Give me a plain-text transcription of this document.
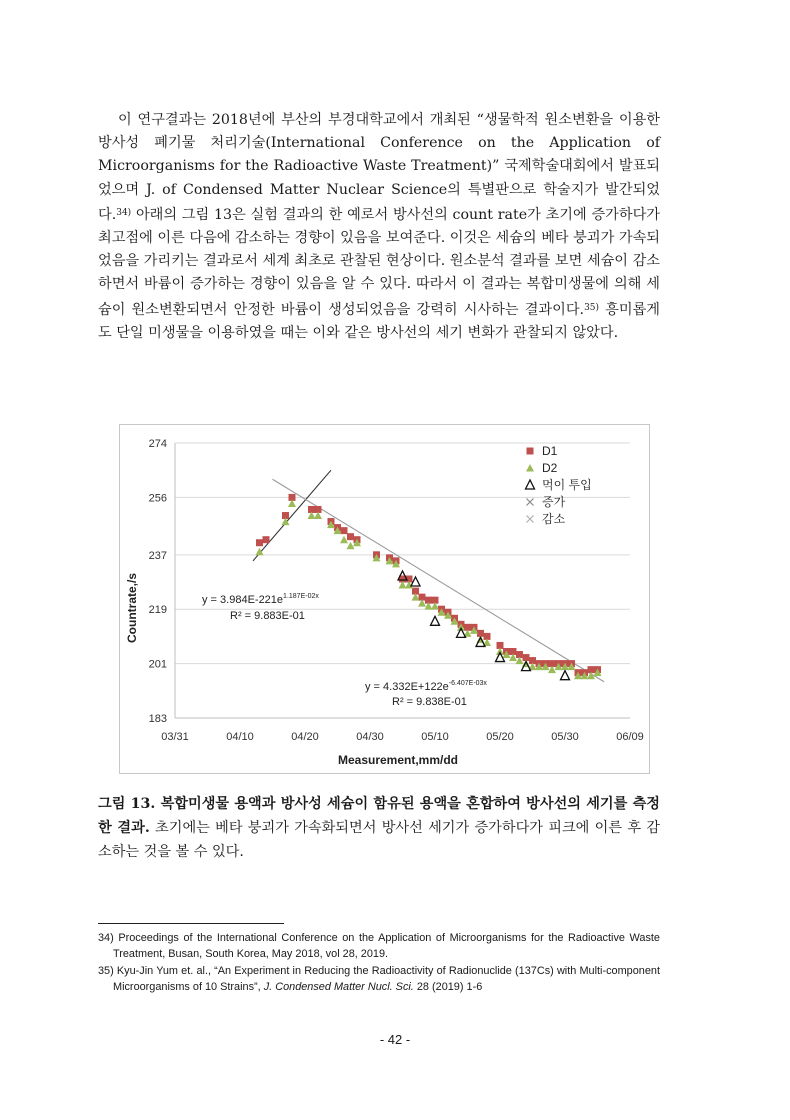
이 연구결과는 2018년에 부산의 부경대학교에서 개최된 “생물학적 원소변환을 이용한 방사성 폐기물 처리기술(International Conference on the Application of Microorganisms for the Radioactive Waste Treatment)” 국제학술대회에서 발표되었으며 J. of Condensed Matter Nuclear Science의 특별판으로 학술지가 발간되었다.$^{34)}$ 아래의 그림 13은 실험 결과의 한 예로서 방사선의 count rate가 초기에 증가하다가 최고점에 이른 다음에 감소하는 경향이 있음을 보여준다. 이것은 세슘의 베타 붕괴가 가속되었음을 가리키는 결과로서 세계 최초로 관찰된 현상이다. 원소분석 결과를 보면 세슘이 감소하면서 바륨이 증가하는 경향이 있음을 알 수 있다. 따라서 이 결과는 복합미생물에 의해 세슘이 원소변환되면서 안정한 바륨이 생성되었음을 강력히 시사하는 결과이다.$^{35)}$ 흥미롭게도 단일 미생물을 이용하였을 때는 이와 같은 방사선의 세기 변화가 관찰되지 않았다.

183
201
219
237
256
274
03/31	04/10	04/20	04/30	05/10	05/20	05/30	06/09
Countrate,/s
Measurement,mm/dd
$y = 3.984E-221e^{1.187E-02x}$
R² = 9.883E-01
$y = 4.332E+122e^{-6.407E-03x}$
R² = 9.838E-01
D1
D2
먹이 투입
증가
감소

그림 13. 복합미생물 용액과 방사성 세슘이 함유된 용액을 혼합하여 방사선의 세기를 측정한 결과. 초기에는 베타 붕괴가 가속화되면서 방사선 세기가 증가하다가 피크에 이른 후 감소하는 것을 볼 수 있다.

34) Proceedings of the International Conference on the Application of Microorganisms for the Radioactive Waste Treatment, Busan, South Korea, May 2018, vol 28, 2019.

35) Kyu-Jin Yum et. al., “An Experiment in Reducing the Radioactivity of Radionuclide (137Cs) with Multi-component Microorganisms of 10 Strains”, J. Condensed Matter Nucl. Sci. 28 (2019) 1-6

- 42 -
